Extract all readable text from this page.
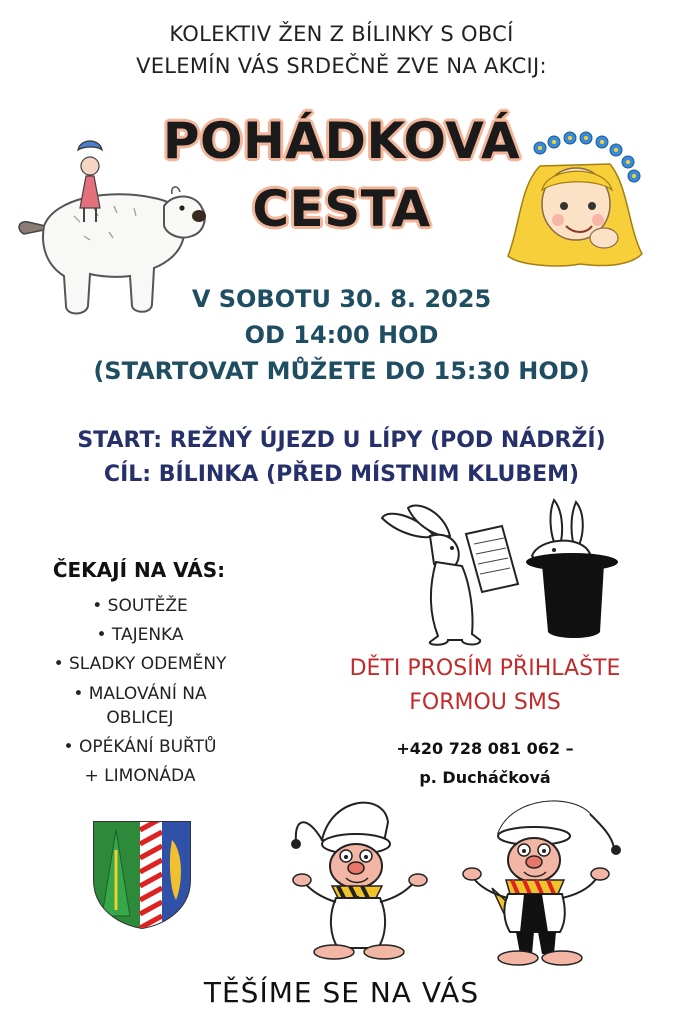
KOLEKTIV ŽEN Z BÍLINKY S OBCÍ
VELEMÍN VÁS SRDEČNĚ ZVE NA AKCIJ:
POHÁDKOVÁ
CESTA
V SOBOTU 30. 8. 2025
OD 14:00 HOD
(STARTOVAT MŮŽETE DO 15:30 HOD)
START: REŽNÝ ÚJEZD U LÍPY (POD NÁDRŽÍ)
CÍL: BÍLINKA (PŘED MÍSTNIM KLUBEM)
ČEKAJÍ NA VÁS:
• SOUTĚŽE
• TAJENKA
• SLADKY ODEMĚNY
• MALOVÁNÍ NA OBLICEJ
• OPÉKÁNÍ BUŘTŮ
+ LIMONÁDA
DĚTI PROSÍM PŘIHLAŠTE
FORMOU SMS
+420 728 081 062 –
p. Ducháčková
TĚŠÍME SE NA VÁS
